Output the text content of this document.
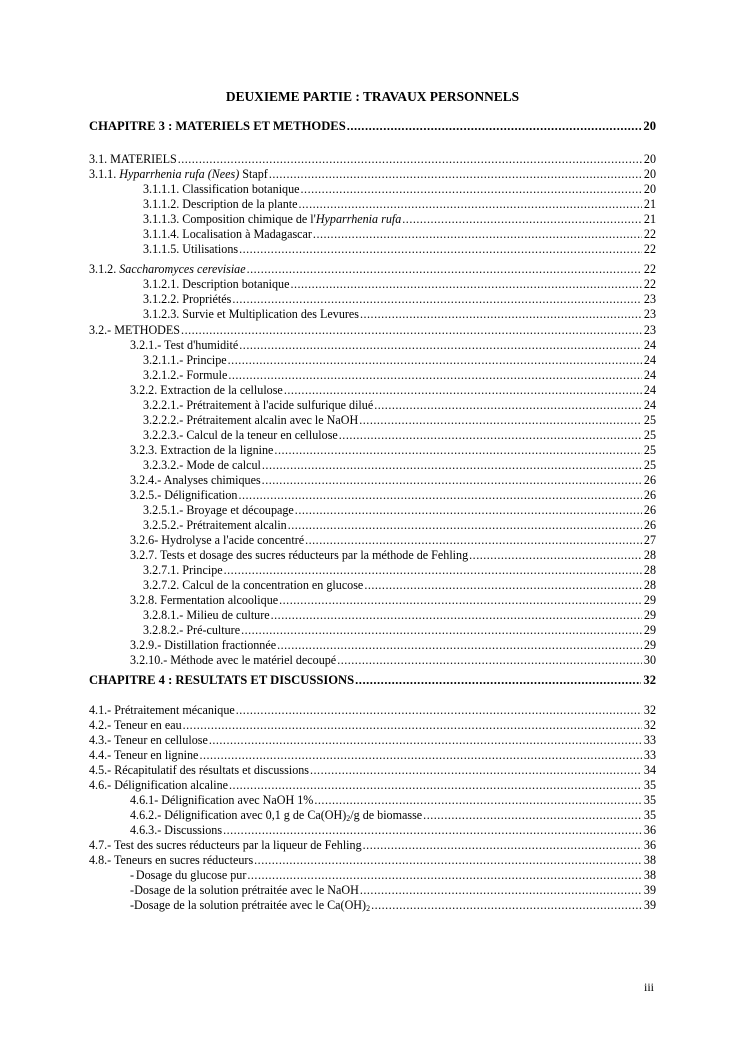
DEUXIEME PARTIE : TRAVAUX PERSONNELS
CHAPITRE 3 : MATERIELS ET METHODES .....	20
3.1. MATERIELS .....	20
3.1.1. Hyparrhenia rufa (Nees) Stapf .....	20
3.1.1.1. Classification botanique .....	20
3.1.1.2. Description de la plante .....	21
3.1.1.3. Composition chimique de l'Hyparrhenia rufa .....	21
3.1.1.4. Localisation à Madagascar .....	22
3.1.1.5. Utilisations .....	22
3.1.2. Saccharomyces cerevisiae .....	22
3.1.2.1. Description botanique .....	22
3.1.2.2. Propriétés .....	23
3.1.2.3. Survie et Multiplication des Levures .....	23
3.2.- METHODES .....	23
3.2.1.- Test d'humidité .....	24
3.2.1.1.- Principe .....	24
3.2.1.2.- Formule .....	24
3.2.2. Extraction de la cellulose .....	24
3.2.2.1.- Prétraitement à l'acide sulfurique dilué .....	24
3.2.2.2.- Prétraitement alcalin avec le NaOH .....	25
3.2.2.3.- Calcul de la teneur en cellulose .....	25
3.2.3. Extraction de la lignine .....	25
3.2.3.2.- Mode de calcul .....	25
3.2.4.- Analyses chimiques .....	26
3.2.5.- Délignification .....	26
3.2.5.1.- Broyage et découpage .....	26
3.2.5.2.- Prétraitement alcalin .....	26
3.2.6- Hydrolyse a l'acide concentré .....	27
3.2.7. Tests et dosage des sucres réducteurs par la méthode de Fehling .....	28
3.2.7.1. Principe .....	28
3.2.7.2. Calcul de la concentration en glucose .....	28
3.2.8. Fermentation alcoolique .....	29
3.2.8.1.- Milieu de culture .....	29
3.2.8.2.- Pré-culture .....	29
3.2.9.- Distillation fractionnée .....	29
3.2.10.- Méthode avec le matériel decoupé .....	30
CHAPITRE 4 : RESULTATS ET DISCUSSIONS .....	32
4.1.- Prétraitement mécanique .....	32
4.2.- Teneur en eau .....	32
4.3.- Teneur en cellulose .....	33
4.4.- Teneur en lignine .....	33
4.5.- Récapitulatif des résultats et discussions .....	34
4.6.- Délignification alcaline .....	35
4.6.1- Délignification avec NaOH 1% .....	35
4.6.2.- Délignification avec 0,1 g de $Ca(OH)_2/g$ de biomasse .....	35
4.6.3.- Discussions .....	36
4.7.- Test des sucres réducteurs par la liqueur de Fehling .....	36
4.8.- Teneurs en sucres réducteurs .....	38
- Dosage du glucose pur .....	38
- Dosage de la solution prétraitée avec le NaOH .....	39
- Dosage de la solution prétraitée avec le $Ca(OH)_2$ .....	39
iii
